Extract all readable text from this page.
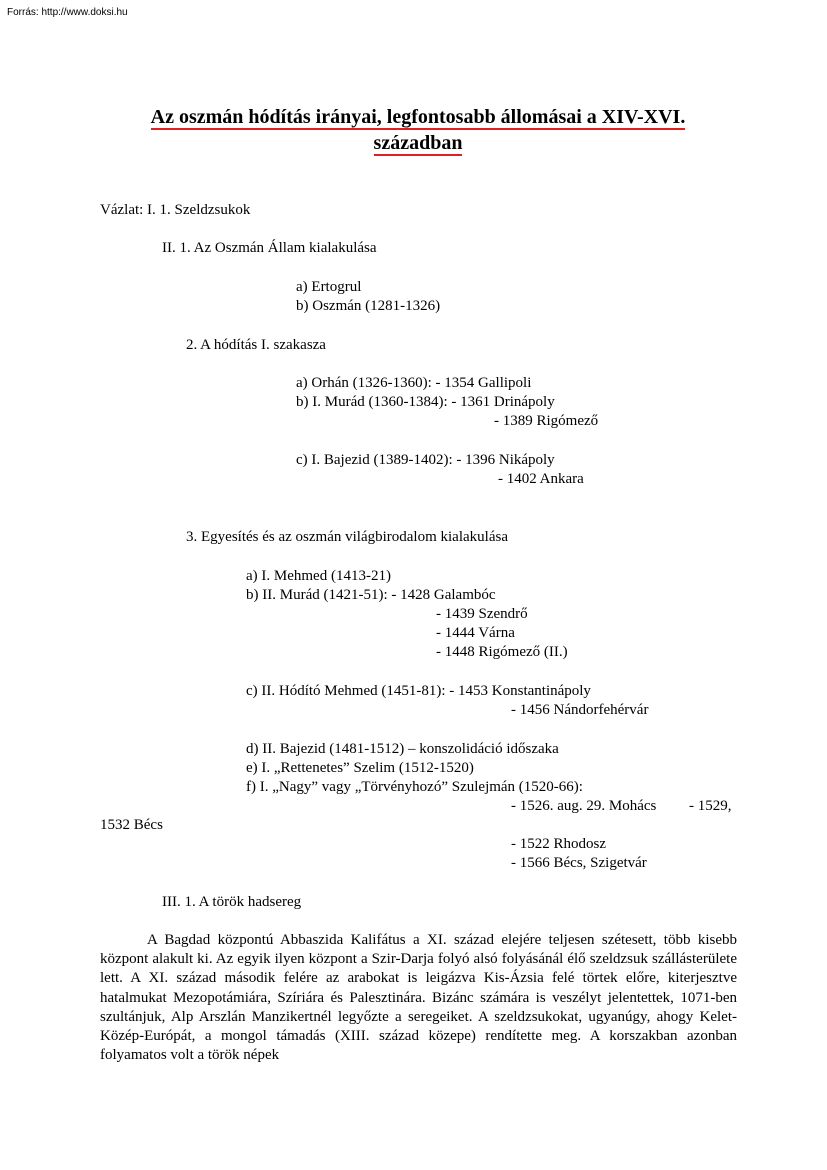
Forrás: http://www.doksi.hu
Az oszmán hódítás irányai, legfontosabb állomásai a XIV-XVI.
században
Vázlat: I. 1. Szeldzsukok
II. 1. Az Oszmán Állam kialakulása
a) Ertogrul
b) Oszmán (1281-1326)
2. A hódítás I. szakasza
a) Orhán (1326-1360): - 1354 Gallipoli
b) I. Murád (1360-1384): - 1361 Drinápoly
- 1389 Rigómező
c) I. Bajezid (1389-1402): - 1396 Nikápoly
- 1402 Ankara
3. Egyesítés és az oszmán világbirodalom kialakulása
a) I. Mehmed (1413-21)
b) II. Murád (1421-51): - 1428 Galambóc
- 1439 Szendrő
- 1444 Várna
- 1448 Rigómező (II.)
c) II. Hódító Mehmed (1451-81): - 1453 Konstantinápoly
- 1456 Nándorfehérvár
d) II. Bajezid (1481-1512) – konszolidáció időszaka
e) I. „Rettenetes” Szelim (1512-1520)
f) I. „Nagy” vagy „Törvényhozó” Szulejmán (1520-66):
- 1526. aug. 29. Mohács - 1529,
1532 Bécs
- 1522 Rhodosz
- 1566 Bécs, Szigetvár
III. 1. A török hadsereg
A Bagdad központú Abbaszida Kalifátus a XI. század elejére teljesen szétesett, több kisebb központ alakult ki. Az egyik ilyen központ a Szir-Darja folyó alsó folyásánál élő szeldzsuk szállásterülete lett. A XI. század második felére az arabokat is leigázva Kis-Ázsia felé törtek előre, kiterjesztve hatalmukat Mezopotámiára, Szíriára és Palesztinára. Bizánc számára is veszélyt jelentettek, 1071-ben szultánjuk, Alp Arszlán Manzikertnél legyőzte a seregeiket. A szeldzsukokat, ugyanúgy, ahogy Kelet-Közép-Európát, a mongol támadás (XIII. század közepe) rendítette meg. A korszakban azonban folyamatos volt a török népek
